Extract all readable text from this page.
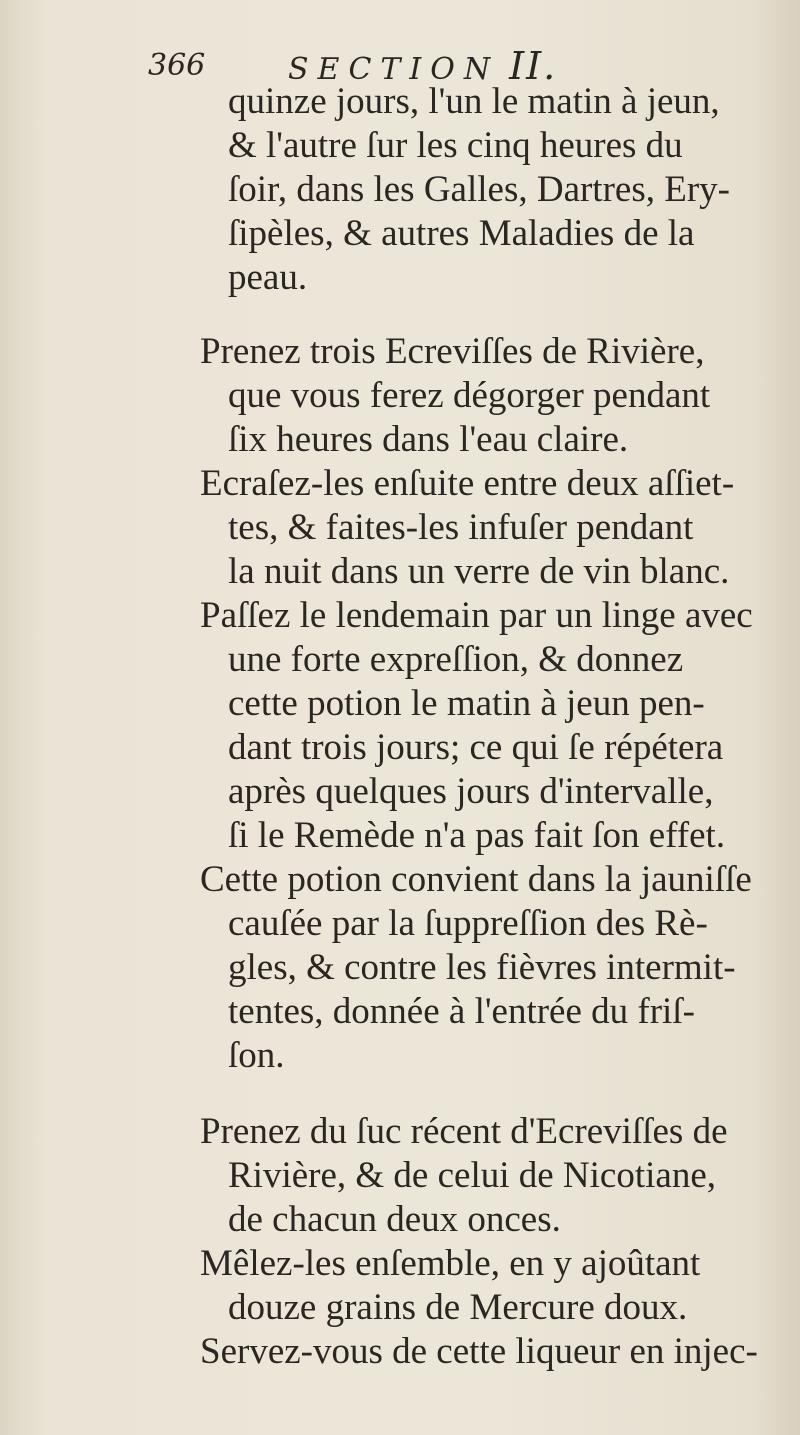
366	SECTION II.
quinze jours, l'un le matin à jeun,
& l'autre ſur les cinq heures du
ſoir, dans les Galles, Dartres, Ery-
ſipèles, & autres Maladies de la
peau.
Prenez trois Ecreviſſes de Rivière,
que vous ferez dégorger pendant
ſix heures dans l'eau claire.
Ecraſez-les enſuite entre deux aſſiet-
tes, & faites-les infuſer pendant
la nuit dans un verre de vin blanc.
Paſſez le lendemain par un linge avec
une forte expreſſion, & donnez
cette potion le matin à jeun pen-
dant trois jours; ce qui ſe répétera
après quelques jours d'intervalle,
ſi le Remède n'a pas fait ſon effet.
Cette potion convient dans la jauniſſe
cauſée par la ſuppreſſion des Rè-
gles, & contre les fièvres intermit-
tentes, donnée à l'entrée du friſ-
ſon.
Prenez du ſuc récent d'Ecreviſſes de
Rivière, & de celui de Nicotiane,
de chacun deux onces.
Mêlez-les enſemble, en y ajoûtant
douze grains de Mercure doux.
Servez-vous de cette liqueur en injec-
